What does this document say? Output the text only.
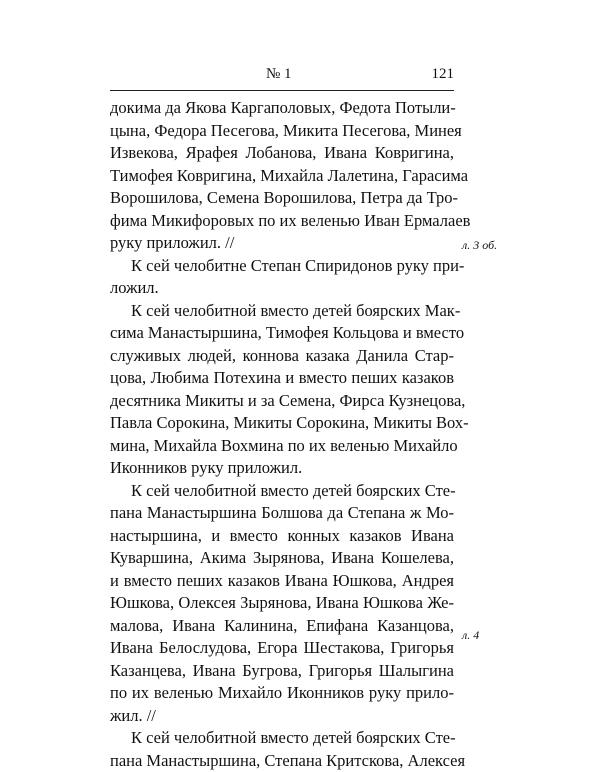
№ 1	121
докима да Якова Каргаполовых, Федота Потыли-
цына, Федора Песегова, Микита Песегова, Минея
Извекова, Ярафея Лобанова, Ивана Ковригина,
Тимофея Ковригина, Михайла Лалетина, Гарасима
Ворошилова, Семена Ворошилова, Петра да Тро-
фима Микифоровых по их веленью Иван Ермалаев
руку приложил. //
К сей челобитне Степан Спиридонов руку при-
ложил.
К сей челобитной вместо детей боярских Мак-
сима Манастыршина, Тимофея Кольцова и вместо
служивых людей, коннова казака Данила Стар-
цова, Любима Потехина и вместо пеших казаков
десятника Микиты и за Семена, Фирса Кузнецова,
Павла Сорокина, Микиты Сорокина, Микиты Вох-
мина, Михайла Вохмина по их веленью Михайло
Иконников руку приложил.
К сей челобитной вместо детей боярских Сте-
пана Манастыршина Болшова да Степана ж Мо-
настыршина, и вместо конных казаков Ивана
Куваршина, Акима Зырянова, Ивана Кошелева,
и вместо пеших казаков Ивана Юшкова, Андрея
Юшкова, Олексея Зырянова, Ивана Юшкова Же-
малова, Ивана Калинина, Епифана Казанцова,
Ивана Белослудова, Егора Шестакова, Григорья
Казанцева, Ивана Бугрова, Григорья Шалыгина
по их веленью Михайло Иконников руку прило-
жил. //
К сей челобитной вместо детей боярских Сте-
пана Манастыршина, Степана Критскова, Алексея
л. 3 об.
л. 4
